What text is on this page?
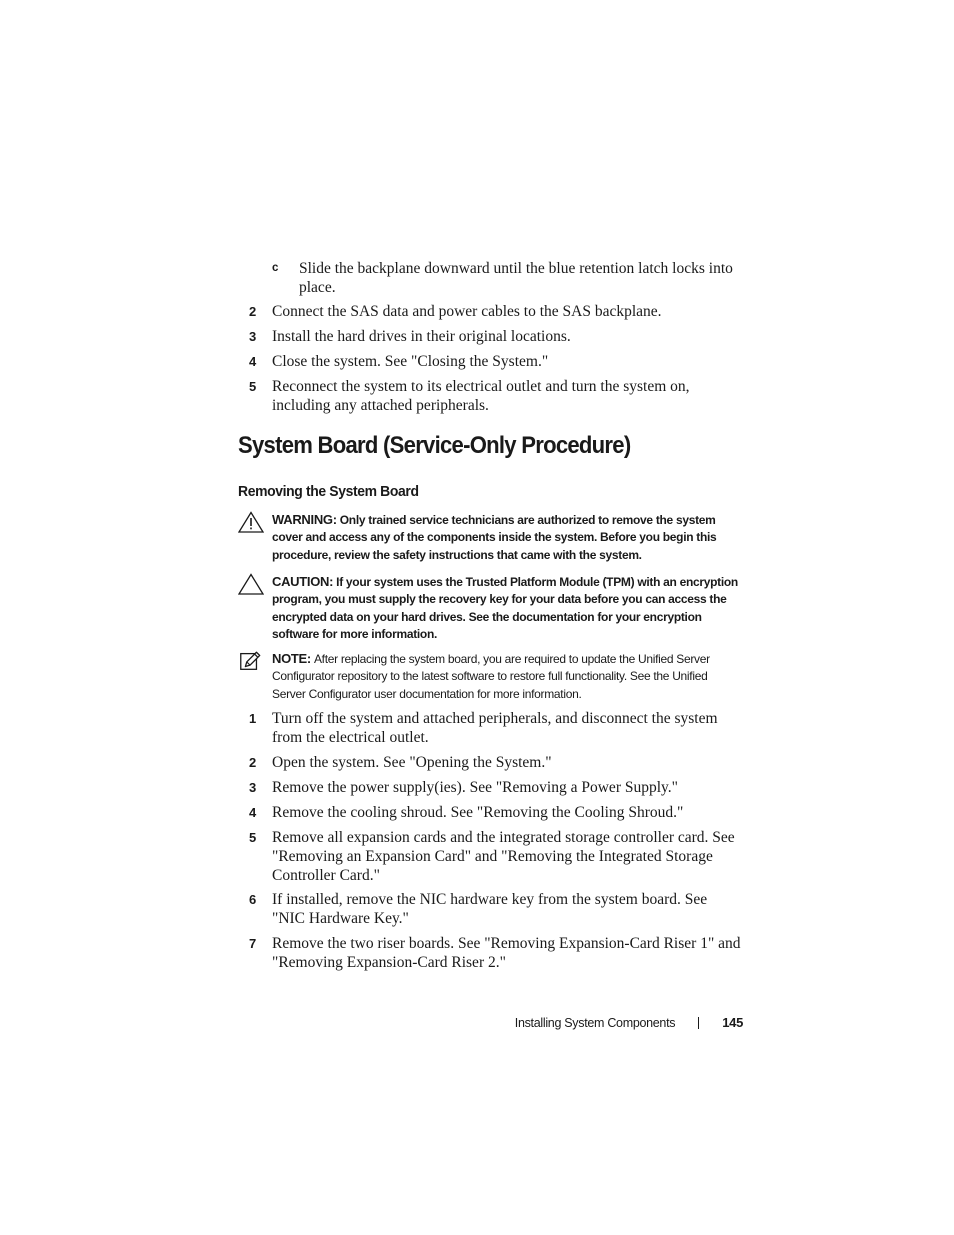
c	Slide the backplane downward until the blue retention latch locks into place.
2	Connect the SAS data and power cables to the SAS backplane.
3	Install the hard drives in their original locations.
4	Close the system. See "Closing the System."
5	Reconnect the system to its electrical outlet and turn the system on, including any attached peripherals.
System Board (Service-Only Procedure)
Removing the System Board
WARNING: Only trained service technicians are authorized to remove the system cover and access any of the components inside the system. Before you begin this procedure, review the safety instructions that came with the system.
CAUTION: If your system uses the Trusted Platform Module (TPM) with an encryption program, you must supply the recovery key for your data before you can access the encrypted data on your hard drives. See the documentation for your encryption software for more information.
NOTE: After replacing the system board, you are required to update the Unified Server Configurator repository to the latest software to restore full functionality. See the Unified Server Configurator user documentation for more information.
1	Turn off the system and attached peripherals, and disconnect the system from the electrical outlet.
2	Open the system. See "Opening the System."
3	Remove the power supply(ies). See "Removing a Power Supply."
4	Remove the cooling shroud. See "Removing the Cooling Shroud."
5	Remove all expansion cards and the integrated storage controller card. See "Removing an Expansion Card" and "Removing the Integrated Storage Controller Card."
6	If installed, remove the NIC hardware key from the system board. See "NIC Hardware Key."
7	Remove the two riser boards. See "Removing Expansion-Card Riser 1" and "Removing Expansion-Card Riser 2."
Installing System Components	145
